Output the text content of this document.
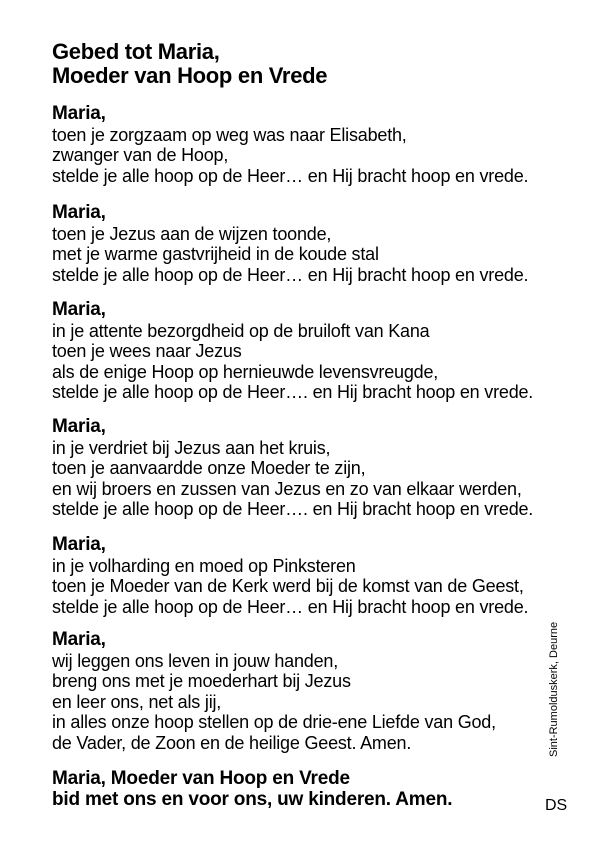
Gebed tot Maria,
Moeder van Hoop en Vrede
Maria,
toen je zorgzaam op weg was naar Elisabeth,
zwanger van de Hoop,
stelde je alle hoop op de Heer… en Hij bracht hoop en vrede.
Maria,
toen je Jezus aan de wijzen toonde,
met je warme gastvrijheid in de koude stal
stelde je alle hoop op de Heer… en Hij bracht hoop en vrede.
Maria,
in je attente bezorgdheid op de bruiloft van Kana
toen je wees naar Jezus
als de enige Hoop op hernieuwde levensvreugde,
stelde je alle hoop op de Heer…. en Hij bracht hoop en vrede.
Maria,
in je verdriet bij Jezus aan het kruis,
toen je aanvaardde onze Moeder te zijn,
en wij broers en zussen van Jezus en zo van elkaar werden,
stelde je alle hoop op de Heer…. en Hij bracht hoop en vrede.
Maria,
in je volharding en moed op Pinksteren
toen je Moeder van de Kerk werd bij de komst van de Geest,
stelde je alle hoop op de Heer… en Hij bracht hoop en vrede.
Maria,
wij leggen ons leven in jouw handen,
breng ons met je moederhart bij Jezus
en leer ons, net als jij,
in alles onze hoop stellen op de drie-ene Liefde van God,
de Vader, de Zoon en de heilige Geest. Amen.
Maria, Moeder van Hoop en Vrede
bid met ons en voor ons, uw kinderen. Amen.
Sint-Rumolduskerk, Deurne
DS
